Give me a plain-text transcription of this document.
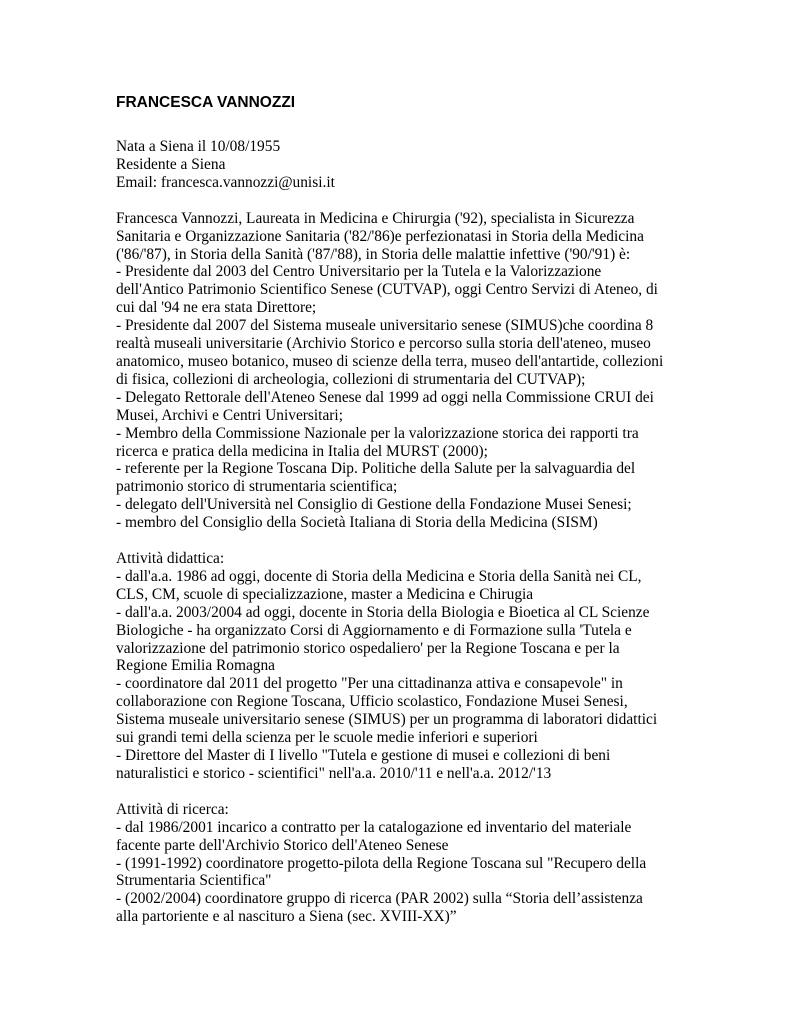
FRANCESCA VANNOZZI
Nata a Siena il 10/08/1955
Residente a Siena
Email: francesca.vannozzi@unisi.it
Francesca Vannozzi, Laureata in Medicina e Chirurgia ('92), specialista in Sicurezza
Sanitaria e Organizzazione Sanitaria ('82/'86)e perfezionatasi in Storia della Medicina
('86/'87), in Storia della Sanità ('87/'88), in Storia delle malattie infettive ('90/'91) è:
- Presidente dal 2003 del Centro Universitario per la Tutela e la Valorizzazione
dell'Antico Patrimonio Scientifico Senese (CUTVAP), oggi Centro Servizi di Ateneo, di
cui dal '94 ne era stata Direttore;
- Presidente dal 2007 del Sistema museale universitario senese (SIMUS)che coordina 8
realtà museali universitarie (Archivio Storico e percorso sulla storia dell'ateneo, museo
anatomico, museo botanico, museo di scienze della terra, museo dell'antartide, collezioni
di fisica, collezioni di archeologia, collezioni di strumentaria del CUTVAP);
- Delegato Rettorale dell'Ateneo Senese dal 1999 ad oggi nella Commissione CRUI dei
Musei, Archivi e Centri Universitari;
- Membro della Commissione Nazionale per la valorizzazione storica dei rapporti tra
ricerca e pratica della medicina in Italia del MURST (2000);
- referente per la Regione Toscana Dip. Politiche della Salute per la salvaguardia del
patrimonio storico di strumentaria scientifica;
- delegato dell'Università nel Consiglio di Gestione della Fondazione Musei Senesi;
- membro del Consiglio della Società Italiana di Storia della Medicina (SISM)
Attività didattica:
- dall'a.a. 1986 ad oggi, docente di Storia della Medicina e Storia della Sanità nei CL,
CLS, CM, scuole di specializzazione, master a Medicina e Chirugia
- dall'a.a. 2003/2004 ad oggi, docente in Storia della Biologia e Bioetica al CL Scienze
Biologiche - ha organizzato Corsi di Aggiornamento e di Formazione sulla 'Tutela e
valorizzazione del patrimonio storico ospedaliero' per la Regione Toscana e per la
Regione Emilia Romagna
- coordinatore dal 2011 del progetto "Per una cittadinanza attiva e consapevole" in
collaborazione con Regione Toscana, Ufficio scolastico, Fondazione Musei Senesi,
Sistema museale universitario senese (SIMUS) per un programma di laboratori didattici
sui grandi temi della scienza per le scuole medie inferiori e superiori
- Direttore del Master di I livello "Tutela e gestione di musei e collezioni di beni
naturalistici e storico - scientifici" nell'a.a. 2010/'11 e nell'a.a. 2012/'13
Attività di ricerca:
- dal 1986/2001 incarico a contratto per la catalogazione ed inventario del materiale
facente parte dell'Archivio Storico dell'Ateneo Senese
- (1991-1992) coordinatore progetto-pilota della Regione Toscana sul "Recupero della
Strumentaria Scientifica"
- (2002/2004) coordinatore gruppo di ricerca (PAR 2002) sulla “Storia dell’assistenza
alla partoriente e al nascituro a Siena (sec. XVIII-XX)”
